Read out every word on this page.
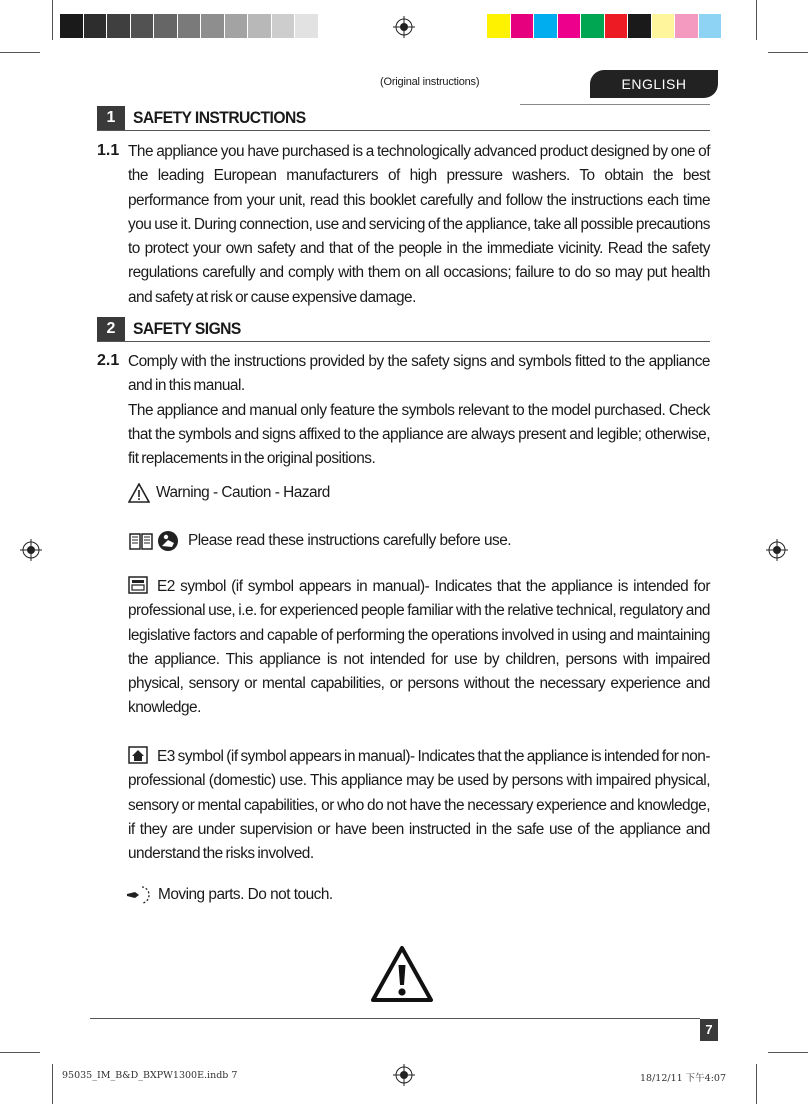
(Original instructions)	ENGLISH
1	SAFETY INSTRUCTIONS
1.1 The appliance you have purchased is a technologically advanced product designed by one of the leading European manufacturers of high pressure washers. To obtain the best performance from your unit, read this booklet carefully and follow the instructions each time you use it. During connection, use and servicing of the appliance, take all possible precautions to protect your own safety and that of the people in the immediate vicinity. Read the safety regulations carefully and comply with them on all occasions; failure to do so may put health and safety at risk or cause expensive damage.

2	SAFETY SIGNS
2.1 Comply with the instructions provided by the safety signs and symbols fitted to the appliance and in this manual.

The appliance and manual only feature the symbols relevant to the model purchased. Check that the symbols and signs affixed to the appliance are always present and legible; otherwise, fit replacements in the original positions.

Warning - Caution - Hazard
Please read these instructions carefully before use.
E2 symbol (if symbol appears in manual)- Indicates that the appliance is intended for professional use, i.e. for experienced people familiar with the relative technical, regulatory and legislative factors and capable of performing the operations involved in using and maintaining the appliance. This appliance is not intended for use by children, persons with impaired physical, sensory or mental capabilities, or persons without the necessary experience and knowledge.
E3 symbol (if symbol appears in manual)- Indicates that the appliance is intended for non-professional (domestic) use. This appliance may be used by persons with impaired physical, sensory or mental capabilities, or who do not have the necessary experience and knowledge, if they are under supervision or have been instructed in the safe use of the appliance and understand the risks involved.
Moving parts. Do not touch.
7
95035_IM_B&D_BXPW1300E.indb 7	18/12/11 下午4:07
